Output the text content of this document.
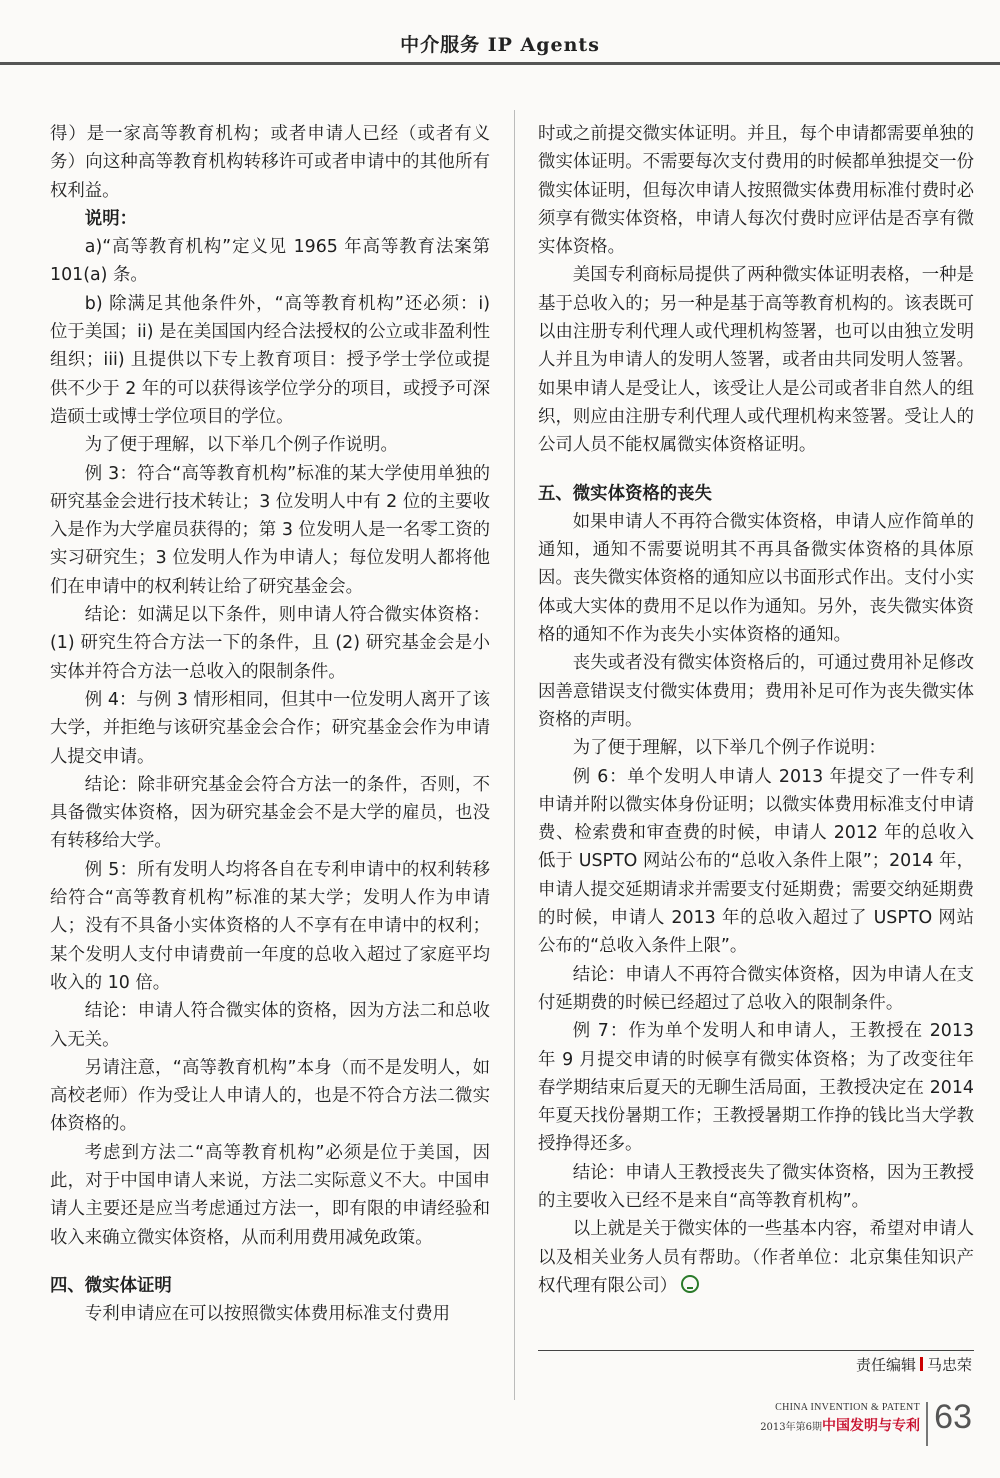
中介服务 IP Agents

得）是一家高等教育机构；或者申请人已经（或者有义务）向这种高等教育机构转移许可或者申请中的其他所有权利益。

说明：

a)“高等教育机构”定义见 1965 年高等教育法案第 101(a) 条。

b) 除满足其他条件外，“高等教育机构”还必须：i) 位于美国；ii) 是在美国国内经合法授权的公立或非盈利性组织；iii) 且提供以下专上教育项目：授予学士学位或提供不少于 2 年的可以获得该学位学分的项目，或授予可深造硕士或博士学位项目的学位。

为了便于理解，以下举几个例子作说明。

例 3：符合“高等教育机构”标准的某大学使用单独的研究基金会进行技术转让；3 位发明人中有 2 位的主要收入是作为大学雇员获得的；第 3 位发明人是一名零工资的实习研究生；3 位发明人作为申请人；每位发明人都将他们在申请中的权利转让给了研究基金会。

结论：如满足以下条件，则申请人符合微实体资格：(1) 研究生符合方法一下的条件，且 (2) 研究基金会是小实体并符合方法一总收入的限制条件。

例 4：与例 3 情形相同，但其中一位发明人离开了该大学，并拒绝与该研究基金会合作；研究基金会作为申请人提交申请。

结论：除非研究基金会符合方法一的条件，否则，不具备微实体资格，因为研究基金会不是大学的雇员，也没有转移给大学。

例 5：所有发明人均将各自在专利申请中的权利转移给符合“高等教育机构”标准的某大学；发明人作为申请人；没有不具备小实体资格的人不享有在申请中的权利；某个发明人支付申请费前一年度的总收入超过了家庭平均收入的 10 倍。

结论：申请人符合微实体的资格，因为方法二和总收入无关。

另请注意，“高等教育机构”本身（而不是发明人，如高校老师）作为受让人申请人的，也是不符合方法二微实体资格的。

考虑到方法二“高等教育机构”必须是位于美国，因此，对于中国申请人来说，方法二实际意义不大。中国申请人主要还是应当考虑通过方法一，即有限的申请经验和收入来确立微实体资格，从而利用费用减免政策。

四、微实体证明

专利申请应在可以按照微实体费用标准支付费用

时或之前提交微实体证明。并且，每个申请都需要单独的微实体证明。不需要每次支付费用的时候都单独提交一份微实体证明，但每次申请人按照微实体费用标准付费时必须享有微实体资格，申请人每次付费时应评估是否享有微实体资格。

美国专利商标局提供了两种微实体证明表格，一种是基于总收入的；另一种是基于高等教育机构的。该表既可以由注册专利代理人或代理机构签署，也可以由独立发明人并且为申请人的发明人签署，或者由共同发明人签署。如果申请人是受让人，该受让人是公司或者非自然人的组织，则应由注册专利代理人或代理机构来签署。受让人的公司人员不能权属微实体资格证明。

五、微实体资格的丧失

如果申请人不再符合微实体资格，申请人应作简单的通知，通知不需要说明其不再具备微实体资格的具体原因。丧失微实体资格的通知应以书面形式作出。支付小实体或大实体的费用不足以作为通知。另外，丧失微实体资格的通知不作为丧失小实体资格的通知。

丧失或者没有微实体资格后的，可通过费用补足修改因善意错误支付微实体费用；费用补足可作为丧失微实体资格的声明。

为了便于理解，以下举几个例子作说明：

例 6：单个发明人申请人 2013 年提交了一件专利申请并附以微实体身份证明；以微实体费用标准支付申请费、检索费和审查费的时候，申请人 2012 年的总收入低于 USPTO 网站公布的“总收入条件上限”；2014 年，申请人提交延期请求并需要支付延期费；需要交纳延期费的时候，申请人 2013 年的总收入超过了 USPTO 网站公布的“总收入条件上限”。

结论：申请人不再符合微实体资格，因为申请人在支付延期费的时候已经超过了总收入的限制条件。

例 7：作为单个发明人和申请人，王教授在 2013 年 9 月提交申请的时候享有微实体资格；为了改变往年春学期结束后夏天的无聊生活局面，王教授决定在 2014 年夏天找份暑期工作；王教授暑期工作挣的钱比当大学教授挣得还多。

结论：申请人王教授丧失了微实体资格，因为王教授的主要收入已经不是来自“高等教育机构”。

以上就是关于微实体的一些基本内容，希望对申请人以及相关业务人员有帮助。（作者单位：北京集佳知识产权代理有限公司）

责任编辑 马忠荣
CHINA INVENTION & PATENT
2013年第6期 中国发明与专利 63
